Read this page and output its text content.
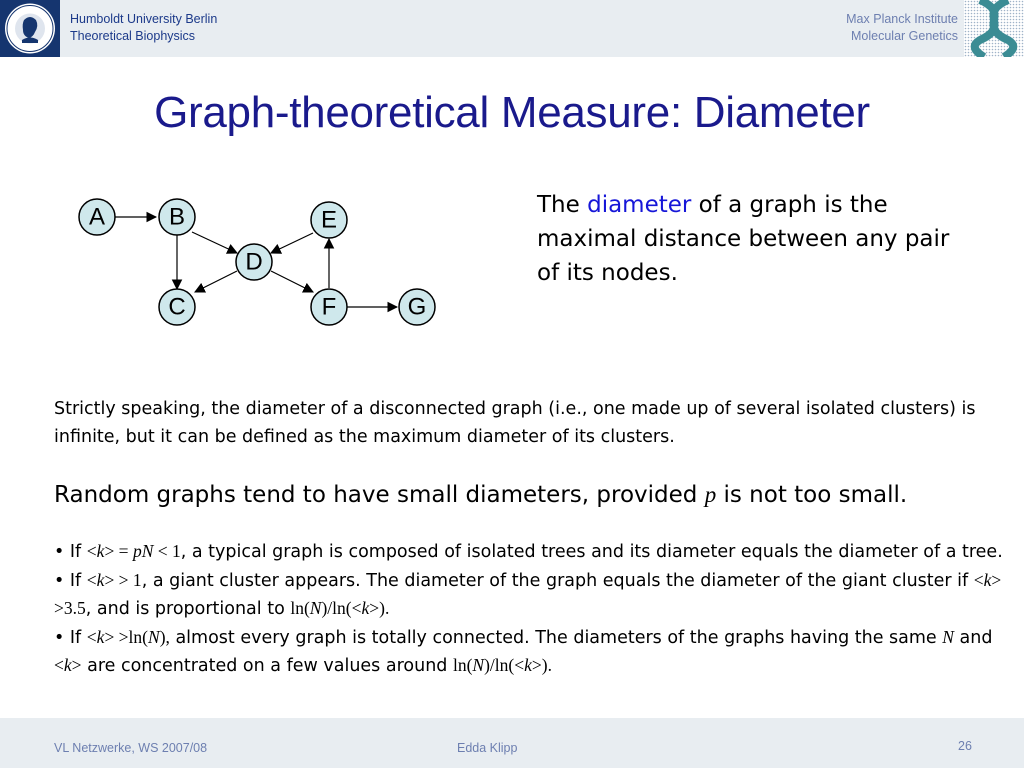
Humboldt University Berlin
Theoretical Biophysics
Max Planck Institute
Molecular Genetics
Graph-theoretical Measure: Diameter
A	B
C
D
E
F	G
The diameter of a graph is the maximal distance between any pair of its nodes.
Strictly speaking, the diameter of a disconnected graph (i.e., one made up of several isolated clusters) is infinite, but it can be defined as the maximum diameter of its clusters.
Random graphs tend to have small diameters, provided p is not too small.

• If <k> = pN < 1, a typical graph is composed of isolated trees and its diameter equals the diameter of a tree.

• If <k> > 1, a giant cluster appears. The diameter of the graph equals the diameter of the giant cluster if <k> >3.5, and is proportional to ln(N)/ln(<k>).

• If <k> >ln(N), almost every graph is totally connected. The diameters of the graphs having the same N and <k> are concentrated on a few values around ln(N)/ln(<k>).

VL Netzwerke, WS 2007/08	Edda Klipp	26
